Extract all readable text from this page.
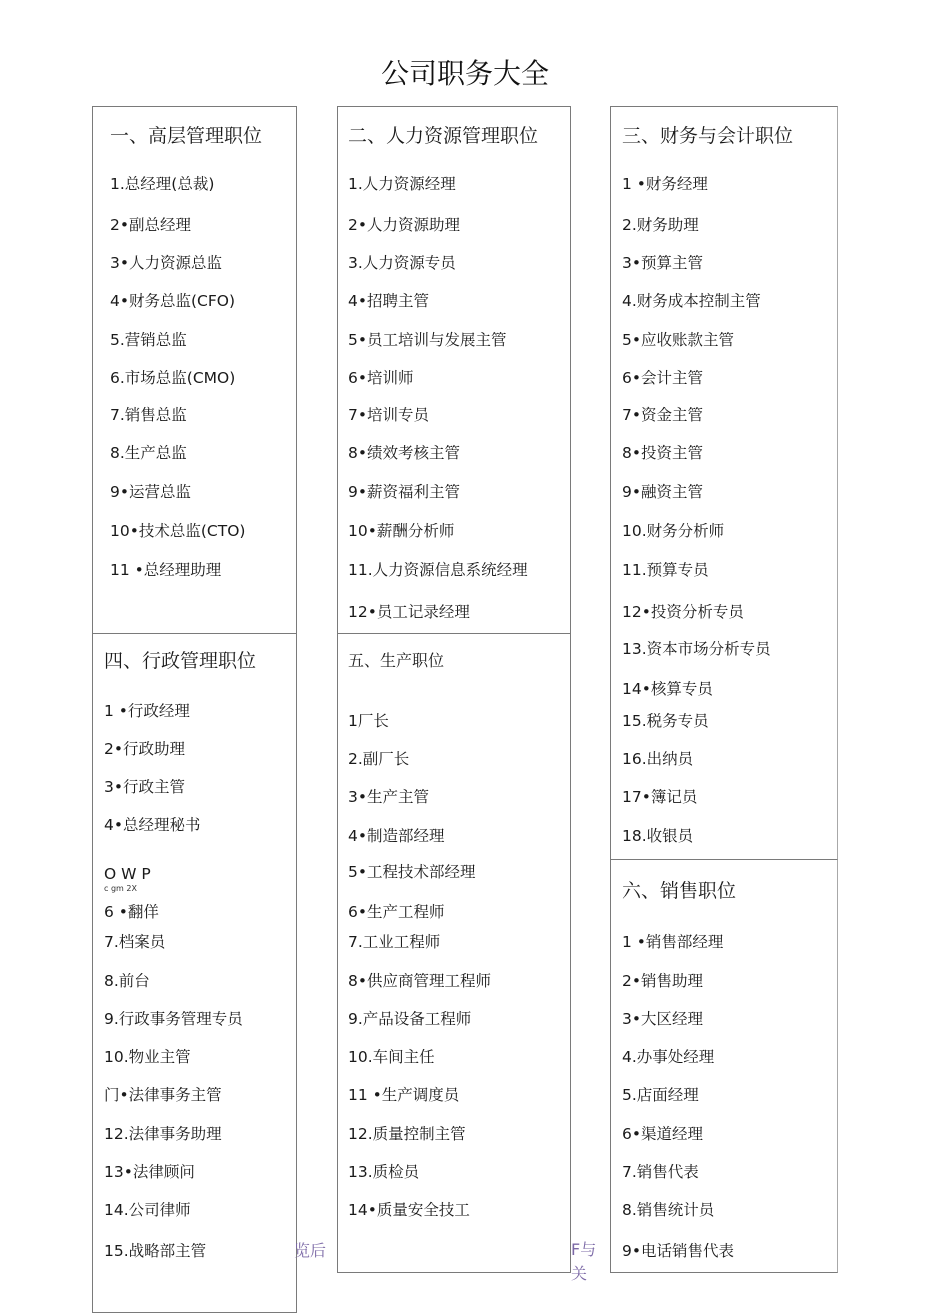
公司职务大全
一、高层管理职位
1.总经理(总裁)
2•副总经理
3•人力资源总监
4•财务总监(CFO)
5.营销总监
6.市场总监(CMO)
7.销售总监
8.生产总监
9•运营总监
10•技术总监(CTO)
11 •总经理助理
四、行政管理职位
1 •行政经理
2•行政助理
3•行政主管
4•总经理秘书
O W P
c gm 2X
6 •翻佯
7.档案员
8.前台
9.行政事务管理专员
10.物业主管
门•法律事务主管
12.法律事务助理
13•法律顾问
14.公司律师
15.战略部主管	览后
二、人力资源管理职位
1.人力资源经理
2•人力资源助理
3.人力资源专员
4•招聘主管
5•员工培训与发展主管
6•培训师
7•培训专员
8•绩效考核主管
9•薪资福利主管
10•薪酬分析师
11.人力资源信息系统经理
12•员工记录经理
五、生产职位
1厂长
2.副厂长
3•生产主管
4•制造部经理
5•工程技术部经理
6•生产工程师
7.工业工程师
8•供应商管理工程师
9.产品设备工程师
10.车间主任
11 •生产调度员
12.质量控制主管
13.质检员
14•质量安全技工
F与
关
三、财务与会计职位
1 •财务经理
2.财务助理
3•预算主管
4.财务成本控制主管
5•应收账款主管
6•会计主管
7•资金主管
8•投资主管
9•融资主管
10.财务分析师
11.预算专员
12•投资分析专员
13.资本市场分析专员
14•核算专员
15.税务专员
16.出纳员
17•簿记员
18.收银员
六、销售职位
1 •销售部经理
2•销售助理
3•大区经理
4.办事处经理
5.店面经理
6•渠道经理
7.销售代表
8.销售统计员
9•电话销售代表
